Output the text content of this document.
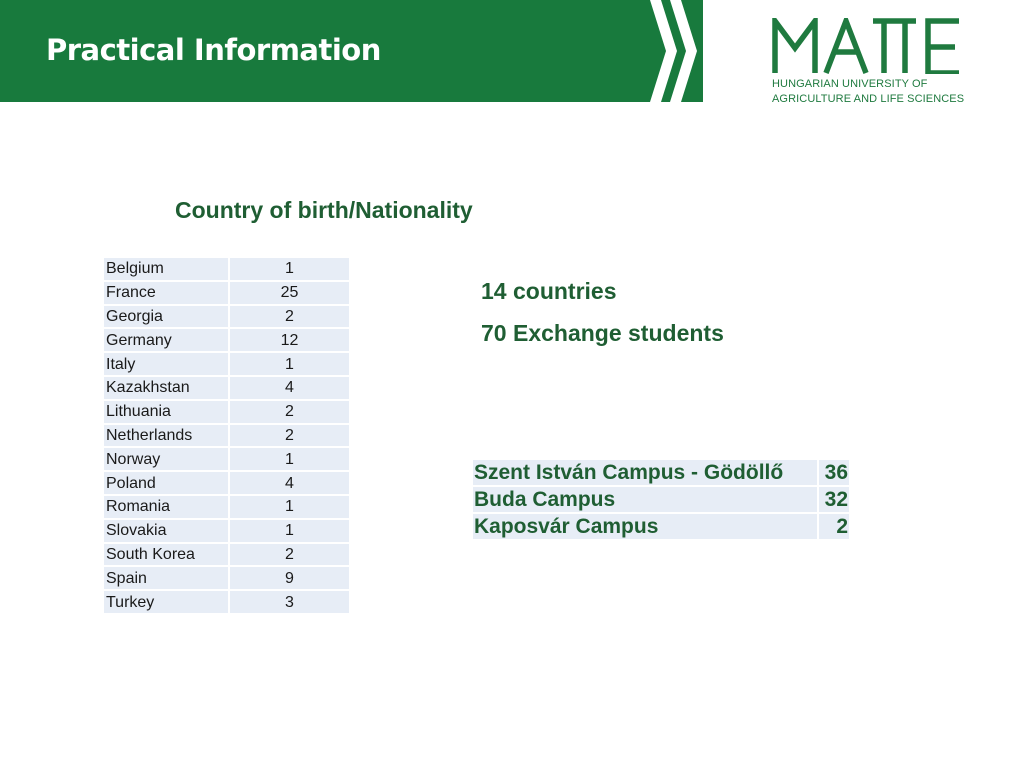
Practical Information
HUNGARIAN UNIVERSITY OF
AGRICULTURE AND LIFE SCIENCES
Country of birth/Nationality
Belgium	1
France	25
Georgia	2
Germany	12
Italy	1
Kazakhstan	4
Lithuania	2
Netherlands	2
Norway	1
Poland	4
Romania	1
Slovakia	1
South Korea	2
Spain	9
Turkey	3
14 countries
70 Exchange students
Szent István Campus - Gödöllő	36
Buda Campus	32
Kaposvár Campus	2
